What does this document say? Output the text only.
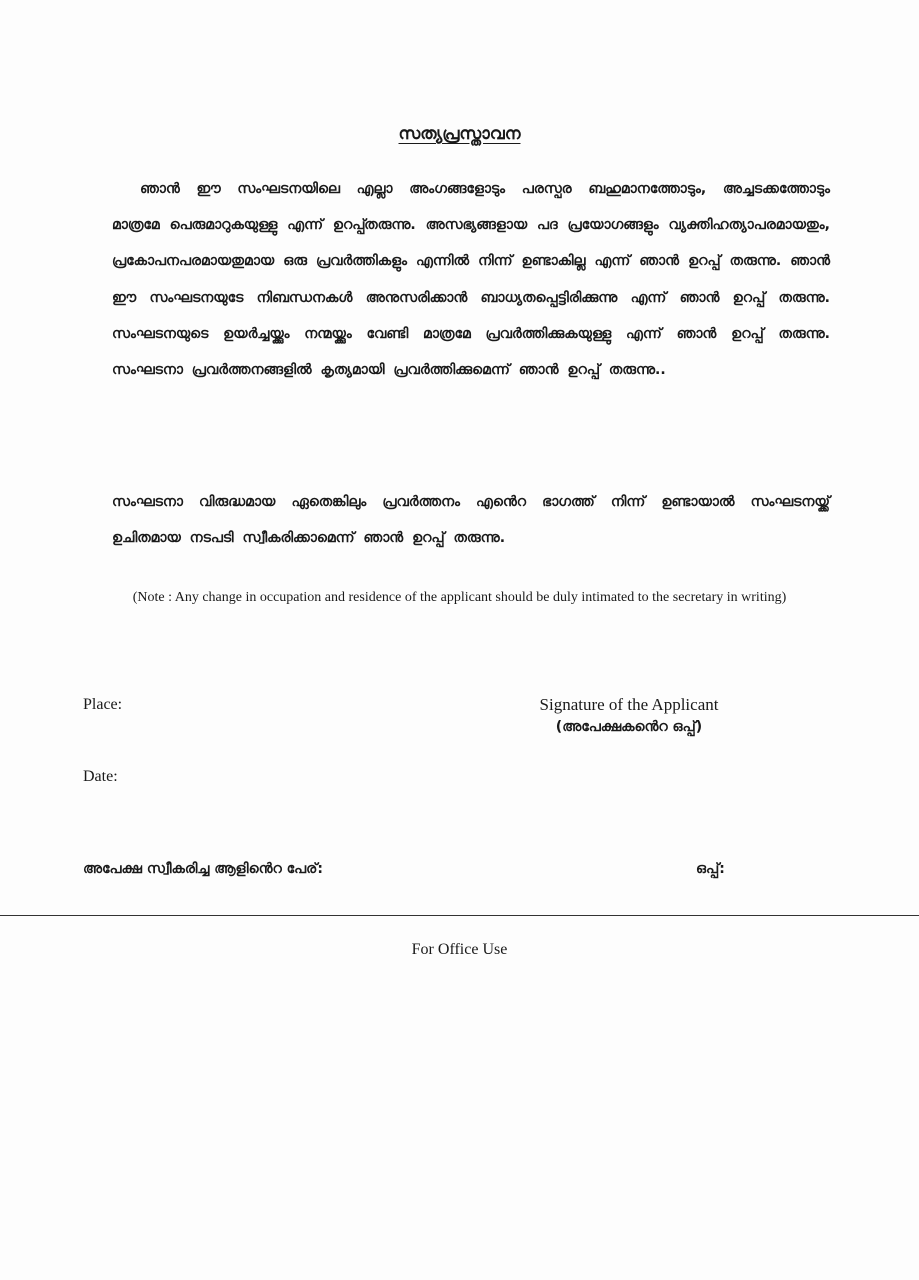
സത്യപ്രസ്താവന

ഞാൻ ഈ സംഘടനയിലെ എല്ലാ അംഗങ്ങളോടും പരസ്പര ബഹുമാനത്തോടും, അച്ചടക്കത്തോടും മാത്രമേ പെരുമാറുകയുള്ളു എന്ന് ഉറപ്പ്തരുന്നു. അസഭ്യങ്ങളായ പദ പ്രയോഗങ്ങളും വ്യക്തിഹത്യാപരമായതും, പ്രകോപനപരമായതുമായ ഒരു പ്രവർത്തികളും എന്നിൽ നിന്ന് ഉണ്ടാകില്ല എന്ന് ഞാൻ ഉറപ്പ് തരുന്നു. ഞാൻ ഈ സംഘടനയുടേ നിബന്ധനകൾ അനുസരിക്കാൻ ബാധ്യതപ്പെട്ടിരിക്കുന്നു എന്ന് ഞാൻ ഉറപ്പ് തരുന്നു. സംഘടനയുടെ ഉയർച്ചയ്ക്കും നന്മയ്ക്കും വേണ്ടി മാത്രമേ പ്രവർത്തിക്കുകയുള്ളു എന്ന് ഞാൻ ഉറപ്പ് തരുന്നു. സംഘടനാ പ്രവർത്തനങ്ങളിൽ കൃത്യമായി പ്രവർത്തിക്കുമെന്ന് ഞാൻ ഉറപ്പ് തരുന്നു..

സംഘടനാ വിരുദ്ധമായ ഏതെങ്കിലും പ്രവർത്തനം എൻെറ ഭാഗത്ത് നിന്ന് ഉണ്ടായാൽ സംഘടനയ്ക്ക് ഉചിതമായ നടപടി സ്വീകരിക്കാമെന്ന് ഞാൻ ഉറപ്പ് തരുന്നു.

(Note : Any change in occupation and residence of the applicant should be duly intimated to the secretary in writing)
Place:	Signature of the Applicant
(അപേക്ഷകൻെറ ഒപ്പ്)
Date:
അപേക്ഷ സ്വീകരിച്ച ആളിൻെറ പേര്:	ഒപ്പ്:
For Office Use
